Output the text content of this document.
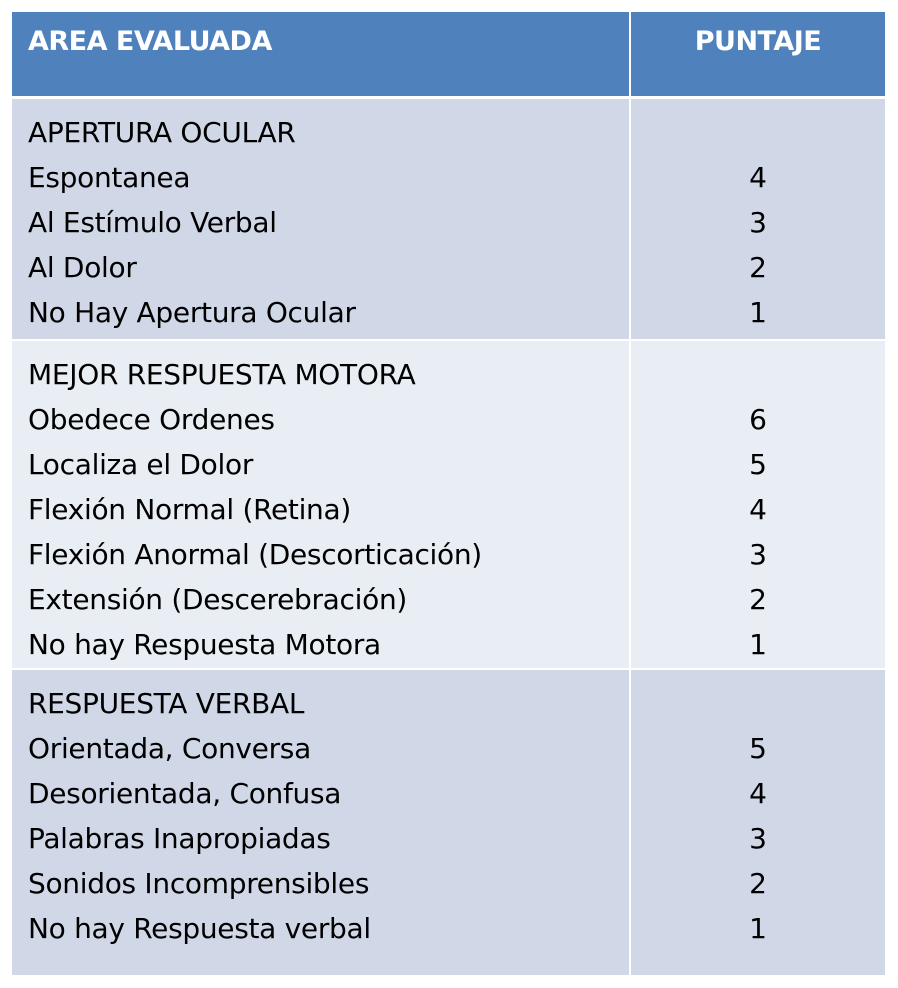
AREA EVALUADA	PUNTAJE
APERTURA OCULAR
Espontanea
Al Estímulo Verbal
Al Dolor
No Hay Apertura Ocular

4
3
2
1
MEJOR RESPUESTA MOTORA
Obedece Ordenes
Localiza el Dolor
Flexión Normal (Retina)
Flexión Anormal (Descorticación)
Extensión (Descerebración)
No hay Respuesta Motora

6
5
4
3
2
1
RESPUESTA VERBAL
Orientada, Conversa
Desorientada, Confusa
Palabras Inapropiadas
Sonidos Incomprensibles
No hay Respuesta verbal

5
4
3
2
1
